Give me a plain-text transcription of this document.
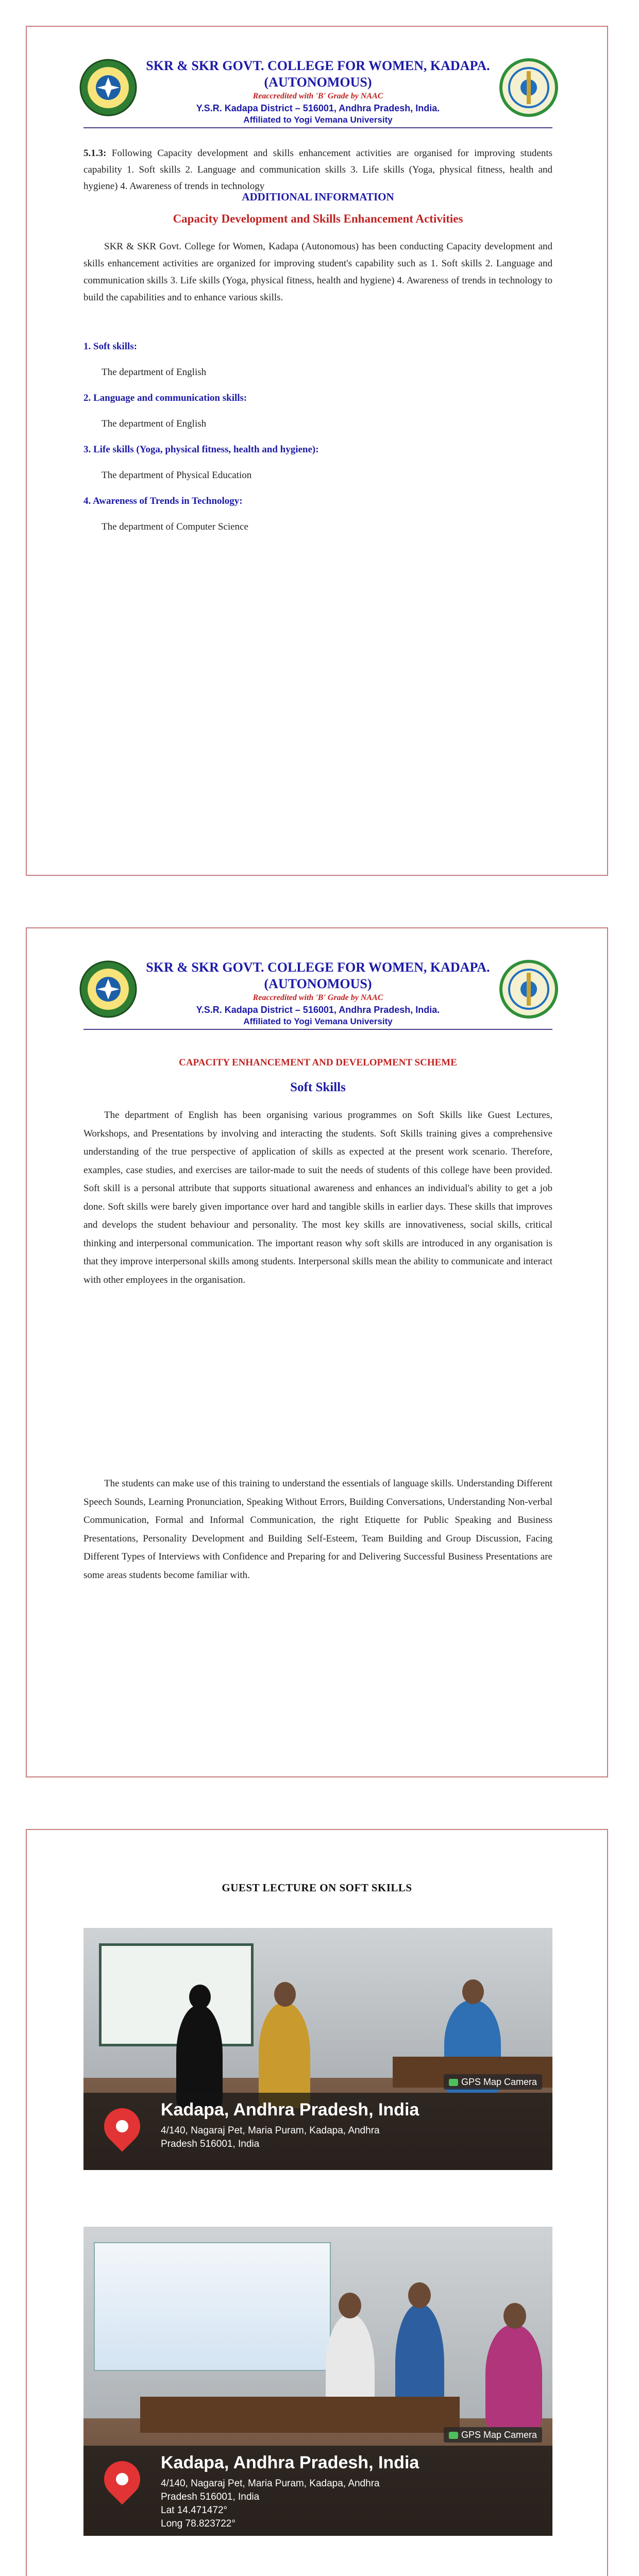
SKR & SKR GOVT. COLLEGE FOR WOMEN, KADAPA.
(AUTONOMOUS)
Reaccredited with 'B' Grade by NAAC
Y.S.R. Kadapa District – 516001, Andhra Pradesh, India.
Affiliated to Yogi Vemana University
5.1.3: Following Capacity development and skills enhancement activities are organised for improving students capability 1. Soft skills 2. Language and communication skills 3. Life skills (Yoga, physical fitness, health and hygiene) 4. Awareness of trends in technology
ADDITIONAL INFORMATION
Capacity Development and Skills Enhancement Activities
SKR & SKR Govt. College for Women, Kadapa (Autonomous) has been conducting Capacity development and skills enhancement activities are organized for improving student's capability such as 1. Soft skills 2. Language and communication skills 3. Life skills (Yoga, physical fitness, health and hygiene) 4. Awareness of trends in technology to build the capabilities and to enhance various skills.
1. Soft skills:
The department of English
2. Language and communication skills:
The department of English
3. Life skills (Yoga, physical fitness, health and hygiene):
The department of Physical Education
4. Awareness of Trends in Technology:
The department of Computer Science
SKR & SKR GOVT. COLLEGE FOR WOMEN, KADAPA.
(AUTONOMOUS)
Reaccredited with 'B' Grade by NAAC
Y.S.R. Kadapa District – 516001, Andhra Pradesh, India.
Affiliated to Yogi Vemana University
CAPACITY ENHANCEMENT AND DEVELOPMENT SCHEME
Soft Skills
The department of English has been organising various programmes on Soft Skills like Guest Lectures, Workshops, and Presentations by involving and interacting the students. Soft Skills training gives a comprehensive understanding of the true perspective of application of skills as expected at the present work scenario. Therefore, examples, case studies, and exercises are tailor-made to suit the needs of students of this college have been provided. Soft skill is a personal attribute that supports situational awareness and enhances an individual's ability to get a job done. Soft skills were barely given importance over hard and tangible skills in earlier days. These skills that improves and develops the student behaviour and personality. The most key skills are innovativeness, social skills, critical thinking and interpersonal communication. The important reason why soft skills are introduced in any organisation is that they improve interpersonal skills among students. Interpersonal skills mean the ability to communicate and interact with other employees in the organisation.
The students can make use of this training to understand the essentials of language skills. Understanding Different Speech Sounds, Learning Pronunciation, Speaking Without Errors, Building Conversations, Understanding Non-verbal Communication, Formal and Informal Communication, the right Etiquette for Public Speaking and Business Presentations, Personality Development and Building Self-Esteem, Team Building and Group Discussion, Facing Different Types of Interviews with Confidence and Preparing for and Delivering Successful Business Presentations are some areas students become familiar with.
GUEST LECTURE ON SOFT SKILLS
GPS Map Camera
Kadapa, Andhra Pradesh, India
4/140, Nagaraj Pet, Maria Puram, Kadapa, Andhra
Pradesh 516001, India
GPS Map Camera
Kadapa, Andhra Pradesh, India
4/140, Nagaraj Pet, Maria Puram, Kadapa, Andhra
Pradesh 516001, India
Lat 14.471472°
Long 78.823722°
